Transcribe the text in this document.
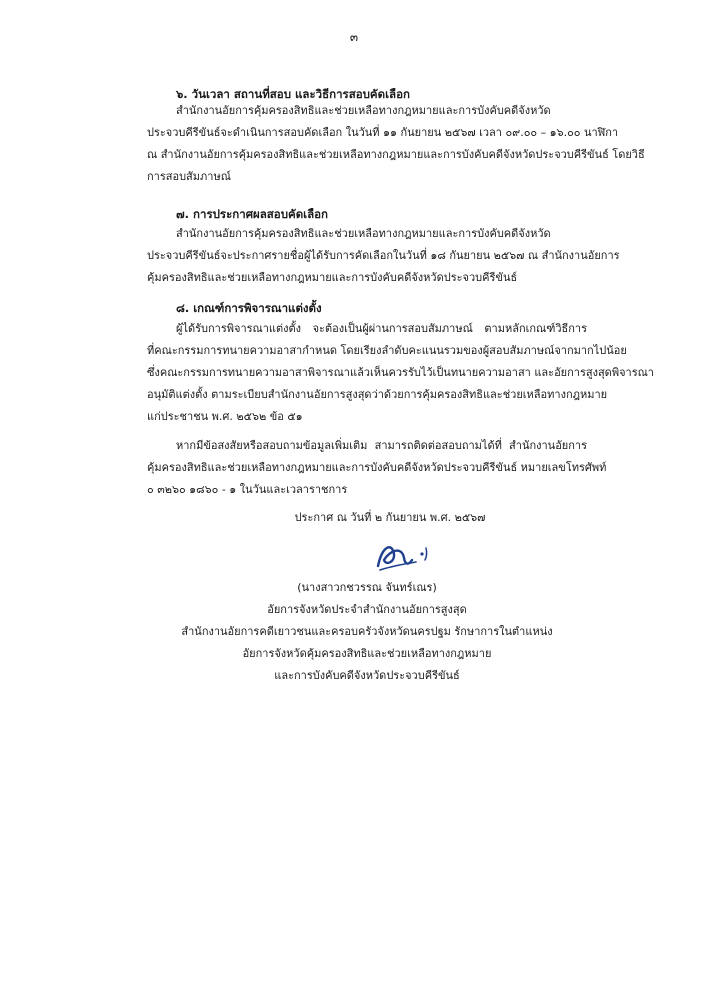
๓
๖. วันเวลา สถานที่สอบ และวิธีการสอบคัดเลือก
สำนักงานอัยการคุ้มครองสิทธิและช่วยเหลือทางกฎหมายและการบังคับคดีจังหวัด
ประจวบคีรีขันธ์จะดำเนินการสอบคัดเลือก ในวันที่ ๑๑ กันยายน ๒๕๖๗ เวลา ๐๙.๐๐ – ๑๖.๐๐ นาฬิกา
ณ สำนักงานอัยการคุ้มครองสิทธิและช่วยเหลือทางกฎหมายและการบังคับคดีจังหวัดประจวบคีรีขันธ์ โดยวิธี
การสอบสัมภาษณ์
๗. การประกาศผลสอบคัดเลือก
สำนักงานอัยการคุ้มครองสิทธิและช่วยเหลือทางกฎหมายและการบังคับคดีจังหวัด
ประจวบคีรีขันธ์จะประกาศรายชื่อผู้ได้รับการคัดเลือกในวันที่ ๑๘ กันยายน ๒๕๖๗ ณ สำนักงานอัยการ
คุ้มครองสิทธิและช่วยเหลือทางกฎหมายและการบังคับคดีจังหวัดประจวบคีรีขันธ์
๘. เกณฑ์การพิจารณาแต่งตั้ง
ผู้ได้รับการพิจารณาแต่งตั้ง จะต้องเป็นผู้ผ่านการสอบสัมภาษณ์ ตามหลักเกณฑ์วิธีการ
ที่คณะกรรมการทนายความอาสากำหนด โดยเรียงลำดับคะแนนรวมของผู้สอบสัมภาษณ์จากมากไปน้อย
ซึ่งคณะกรรมการทนายความอาสาพิจารณาแล้วเห็นควรรับไว้เป็นทนายความอาสา และอัยการสูงสุดพิจารณา
อนุมัติแต่งตั้ง ตามระเบียบสำนักงานอัยการสูงสุดว่าด้วยการคุ้มครองสิทธิและช่วยเหลือทางกฎหมาย
แก่ประชาชน พ.ศ. ๒๕๖๒ ข้อ ๕๑
หากมีข้อสงสัยหรือสอบถามข้อมูลเพิ่มเติม สามารถติดต่อสอบถามได้ที่ สำนักงานอัยการ
คุ้มครองสิทธิและช่วยเหลือทางกฎหมายและการบังคับคดีจังหวัดประจวบคีรีขันธ์ หมายเลขโทรศัพท์
๐ ๓๒๖๐ ๑๘๖๐ - ๑ ในวันและเวลาราชการ
ประกาศ ณ วันที่ ๒ กันยายน พ.ศ. ๒๕๖๗
(นางสาวกชวรรณ จันทร์เณร)
อัยการจังหวัดประจำสำนักงานอัยการสูงสุด
สำนักงานอัยการคดีเยาวชนและครอบครัวจังหวัดนครปฐม รักษาการในตำแหน่ง
อัยการจังหวัดคุ้มครองสิทธิและช่วยเหลือทางกฎหมาย
และการบังคับคดีจังหวัดประจวบคีรีขันธ์
